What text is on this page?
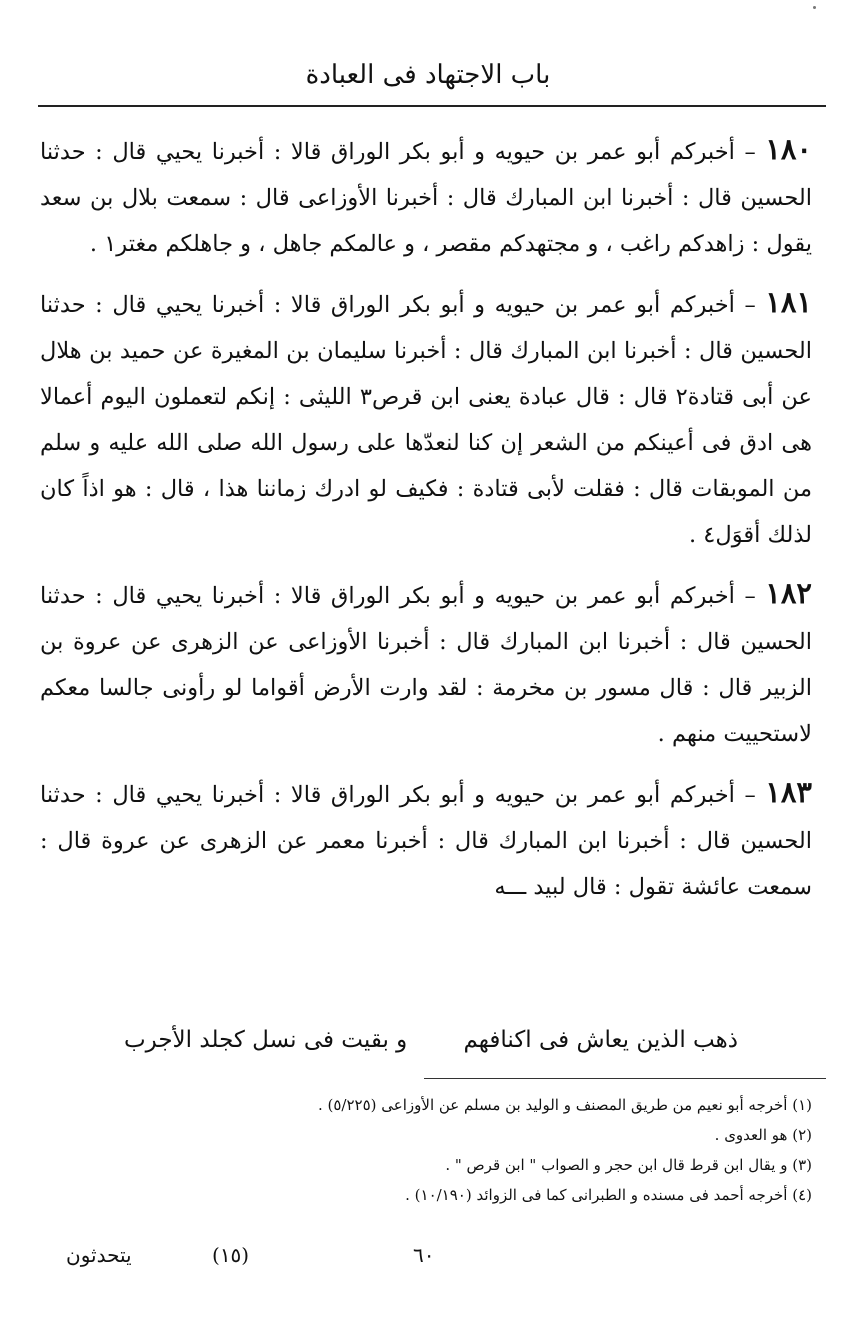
باب الاجتهاد فى العبادة

١٨٠ – أخبركم أبو عمر بن حيويه و أبو بكر الوراق قالا : أخبرنا يحيي قال : حدثنا الحسين قال : أخبرنا ابن المبارك قال : أخبرنا الأوزاعى قال : سمعت بلال بن سعد يقول : زاهدكم راغب ، و مجتهدكم مقصر ، و عالمكم جاهل ، و جاهلكم مغتر١ .

١٨١ – أخبركم أبو عمر بن حيويه و أبو بكر الوراق قالا : أخبرنا يحيي قال : حدثنا الحسين قال : أخبرنا ابن المبارك قال : أخبرنا سليمان بن المغيرة عن حميد بن هلال عن أبى قتادة٢ قال : قال عبادة يعنى ابن قرص٣ الليثى : إنكم لتعملون اليوم أعمالا هى ادق فى أعينكم من الشعر إن كنا لنعدّها على رسول الله صلى الله عليه و سلم من الموبقات قال : فقلت لأبى قتادة : فكيف لو ادرك زماننا هذا ، قال : هو اذاً كان لذلك أقوَل٤ .

١٨٢ – أخبركم أبو عمر بن حيويه و أبو بكر الوراق قالا : أخبرنا يحيي قال : حدثنا الحسين قال : أخبرنا ابن المبارك قال : أخبرنا الأوزاعى عن الزهرى عن عروة بن الزبير قال : قال مسور بن مخرمة : لقد وارت الأرض أقواما لو رأونى جالسا معكم لاستحييت منهم .

١٨٣ – أخبركم أبو عمر بن حيويه و أبو بكر الوراق قالا : أخبرنا يحيي قال : حدثنا الحسين قال : أخبرنا ابن المبارك قال : أخبرنا معمر عن الزهرى عن عروة قال : سمعت عائشة تقول : قال لبيد ـــه

ذهب الذين يعاش فى اكنافهم
و بقيت فى نسل كجلد الأجرب
(١) أخرجه أبو نعيم من طريق المصنف و الوليد بن مسلم عن الأوزاعى (٥/٢٢٥) .
(٢) هو العدوى .
(٣) و يقال ابن قرط قال ابن حجر و الصواب " ابن قرص " .
(٤) أخرجه أحمد فى مسنده و الطبرانى كما فى الزوائد (١٠/١٩٠) .
٦٠
(١٥)
يتحدثون
